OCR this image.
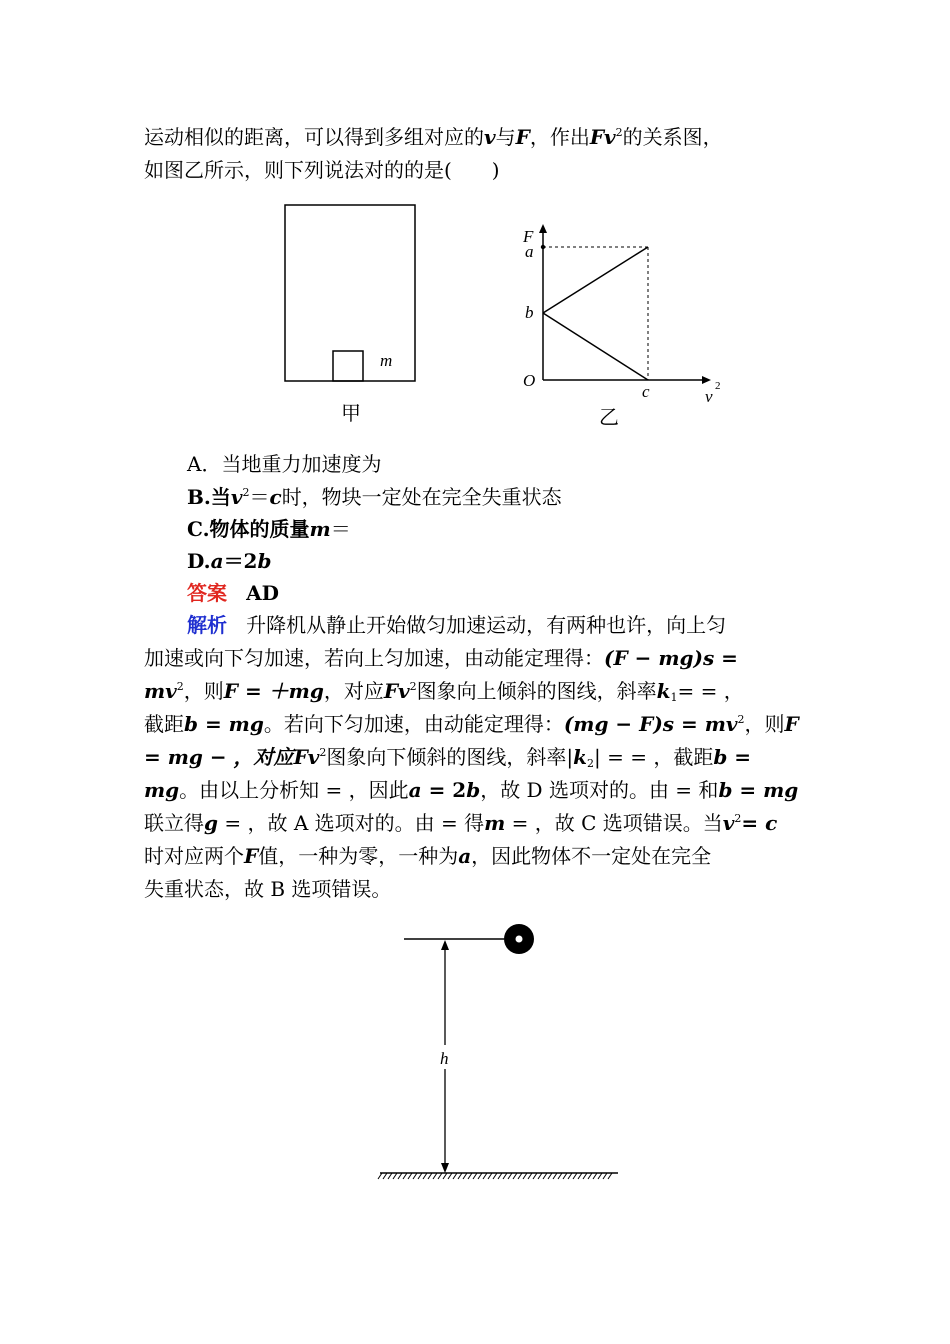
运动相似的距离，可以得到多组对应的v与F，作出Fv$^2$的关系图，
如图乙所示，则下列说法对的的是(　　)
m
甲
F
a
b
O
c	v
2
乙
A．当地重力加速度为
B.当$v^2=c$时，物块一定处在完全失重状态
C.物体的质量m＝
D.a＝2b
答案 AD
解析 升降机从静止开始做匀加速运动，有两种也许，向上匀
加速或向下匀加速，若向上匀加速，由动能定理得：(F − mg)s =
$mv^2$，则F = ＋mg，对应Fv$^2$图象向上倾斜的图线，斜率$k_1=$ = ，
截距b = mg。若向下匀加速，由动能定理得：$(mg - F)s = mv^2$，则F
= mg − ，对应Fv$^2$图象向下倾斜的图线，斜率$|k_2|$ = = ，截距b =
mg。由以上分析知 = ，因此a = 2b，故 D 选项对的。由 = 和b = mg
联立得g = ，故 A 选项对的。由 = 得m = ，故 C 选项错误。当$v^2= c$
时对应两个F值，一种为零，一种为a，因此物体不一定处在完全
失重状态，故 B 选项错误。
h
